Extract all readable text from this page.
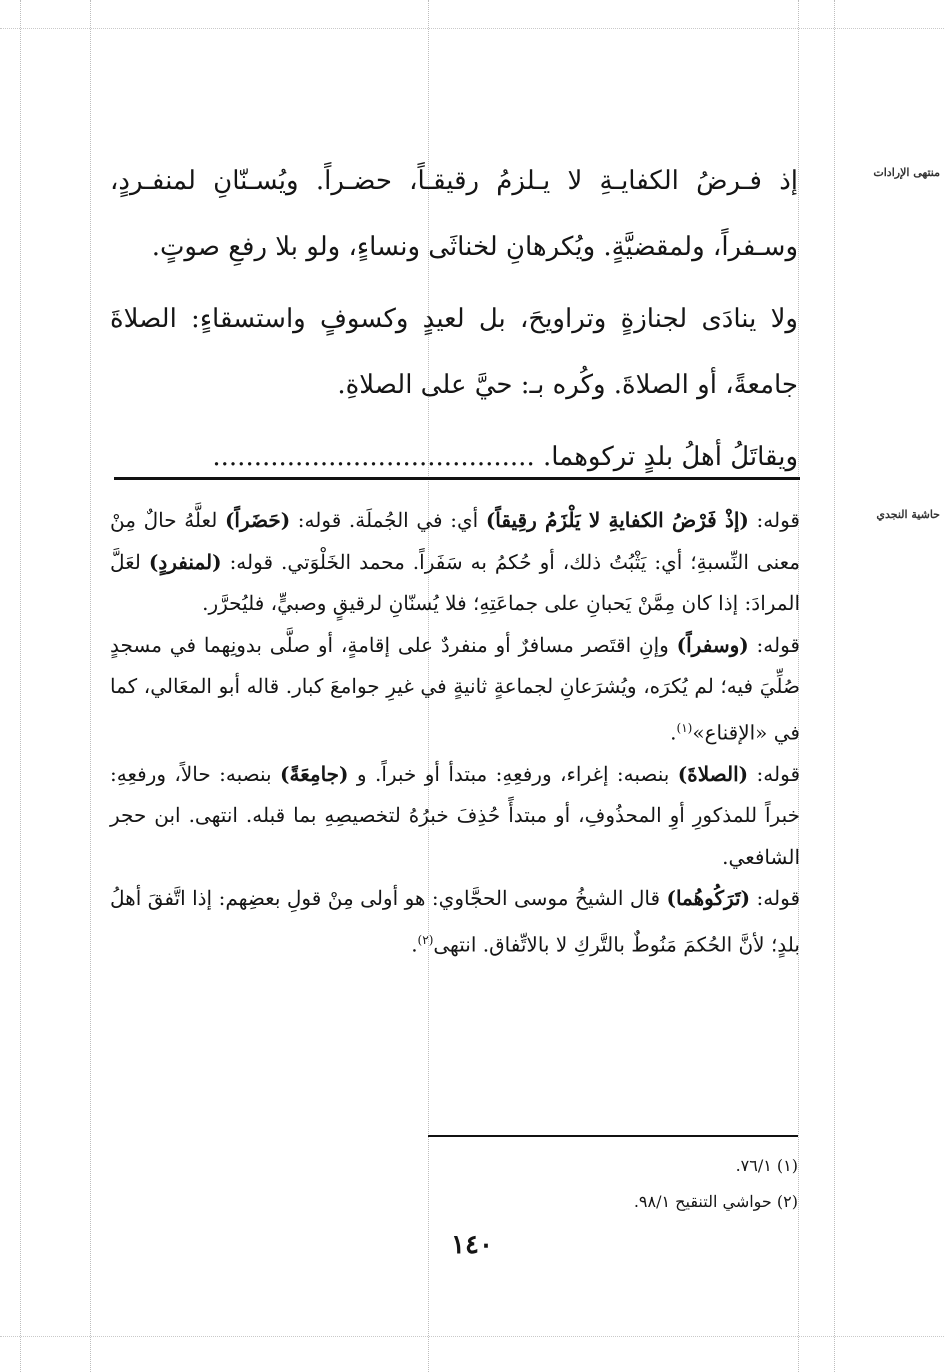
منتهى الإرادات
حاشية النجدي

إذ فـرضُ الكفايـةِ لا يـلزمُ رقيقـاً، حضـراً. ويُسـنّانِ لمنفـردٍ، وسـفراً، ولمقضيَّةٍ. ويُكرهانِ لخناثَى ونساءٍ، ولو بلا رفعِ صوتٍ.

ولا ينادَى لجنازةٍ وتراويحَ، بل لعيدٍ وكسوفٍ واستسقاءٍ: الصلاةَ جامعةً، أو الصلاةَ. وكُره بـ: حيَّ على الصلاةِ.

ويقاتَلُ أهلُ بلدٍ تركوهما. .......................................

قوله: (إذْ فَرْضُ الكفايةِ لا يَلْزَمُ رقِيقاً) أي: في الجُملَة. قوله: (حَضَراً) لعلَّهُ حالٌ مِنْ معنى النِّسبةِ؛ أي: يَثْبُتُ ذلك، أو حُكمُ به سَفَراً. محمد الخَلْوَتي. قوله: (لمنفردٍ) لعَلَّ المرادَ: إذا كان مِمَّنْ يَحبانِ على جماعَتِهِ؛ فلا يُسنّانِ لرقيقٍ وصبيٍّ، فليُحرَّر.

قوله: (وسفراً) وإنِ اقتَصر مسافرٌ أو منفردٌ على إقامةٍ، أو صلَّى بدونِهما في مسجدٍ صُلِّيَ فيه؛ لم يُكرَه، ويُشرَعانِ لجماعةٍ ثانيةٍ في غيرِ جوامعَ كبار. قاله أبو المعَالي، كما في «الإقناع»$^{(١)}$.

قوله: (الصلاةَ) بنصبه: إغراء، ورفعِهِ: مبتدأ أو خبراً. و (جامِعَةً) بنصبه: حالاً، ورفعِهِ: خبراً للمذكورِ أوِ المحذُوفِ، أو مبتدأً حُذِفَ خبرُهُ لتخصيصِهِ بما قبله. انتهى. ابن حجر الشافعي.

قوله: (تَرَكُوهُما) قال الشيخُ موسى الحجَّاوي: هو أولى مِنْ قولِ بعضِهم: إذا اتَّفقَ أهلُ بلدٍ؛ لأنَّ الحُكمَ مَنُوطٌ بالتَّركِ لا بالاتِّفاق. انتهى$^{(٢)}$.

(١) ٧٦/١.
(٢) حواشي التنقيح ٩٨/١.
١٤٠
